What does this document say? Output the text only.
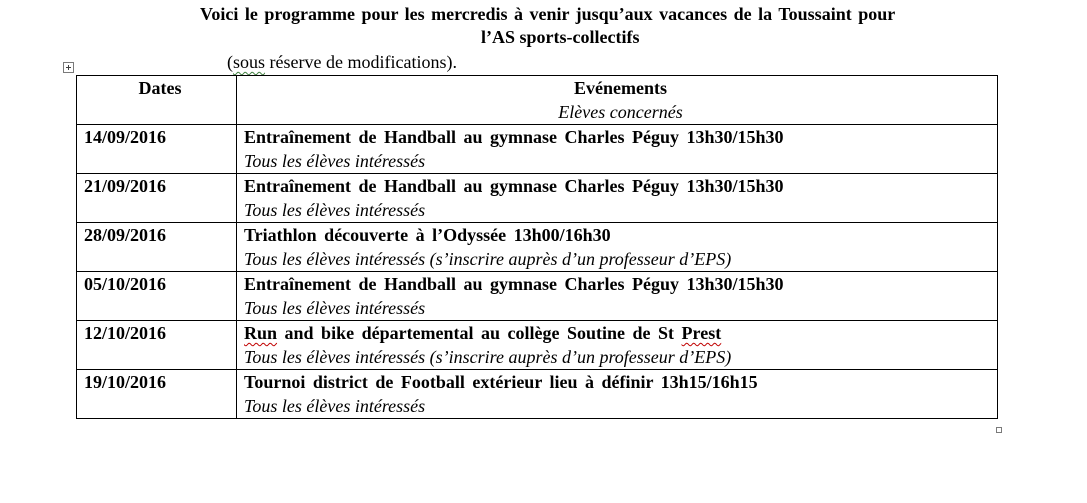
Voici le programme pour les mercredis à venir jusqu’aux vacances de la Toussaint pour
l’AS sports-collectifs
(sous réserve de modifications).
Dates	Evénements
Elèves concernés

14/09/2016	Entraînement de Handball au gymnase Charles Péguy 13h30/15h30
Tous les élèves intéressés

21/09/2016	Entraînement de Handball au gymnase Charles Péguy 13h30/15h30
Tous les élèves intéressés

28/09/2016	Triathlon découverte à l’Odyssée 13h00/16h30
Tous les élèves intéressés (s’inscrire auprès d’un professeur d’EPS)

05/10/2016	Entraînement de Handball au gymnase Charles Péguy 13h30/15h30
Tous les élèves intéressés

12/10/2016	Run and bike départemental au collège Soutine de St Prest
Tous les élèves intéressés (s’inscrire auprès d’un professeur d’EPS)

19/10/2016	Tournoi district de Football extérieur lieu à définir 13h15/16h15
Tous les élèves intéressés
